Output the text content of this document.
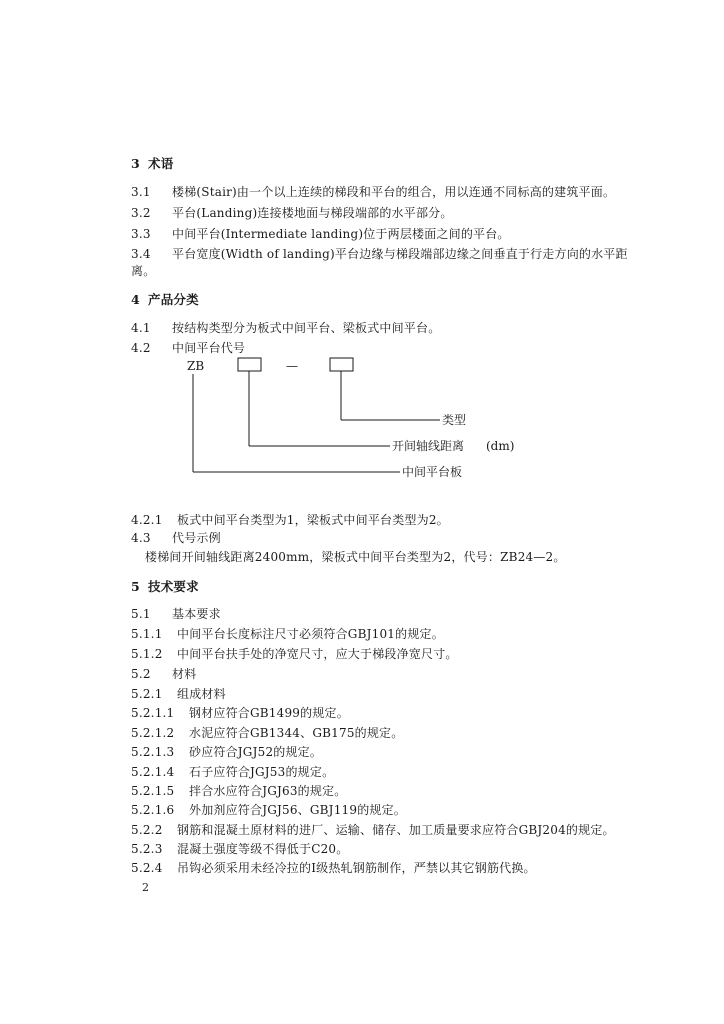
3 术语
3.1 楼梯(Stair)由一个以上连续的梯段和平台的组合，用以连通不同标高的建筑平面。
3.2 平台(Landing)连接楼地面与梯段端部的水平部分。
3.3 中间平台(Intermediate landing)位于两层楼面之间的平台。
3.4 平台宽度(Width of landing)平台边缘与梯段端部边缘之间垂直于行走方向的水平距
离。
4 产品分类
4.1 按结构类型分为板式中间平台、梁板式中间平台。
4.2 中间平台代号
ZB	—
类型
开间轴线距离 (dm)
中间平台板
4.2.1 板式中间平台类型为1，梁板式中间平台类型为2。
4.3 代号示例
楼梯间开间轴线距离2400mm，梁板式中间平台类型为2，代号：ZB24—2。
5 技术要求
5.1 基本要求
5.1.1 中间平台长度标注尺寸必须符合GBJ101的规定。
5.1.2 中间平台扶手处的净宽尺寸，应大于梯段净宽尺寸。
5.2 材料
5.2.1 组成材料
5.2.1.1 钢材应符合GB1499的规定。
5.2.1.2 水泥应符合GB1344、GB175的规定。
5.2.1.3 砂应符合JGJ52的规定。
5.2.1.4 石子应符合JGJ53的规定。
5.2.1.5 拌合水应符合JGJ63的规定。
5.2.1.6 外加剂应符合JGJ56、GBJ119的规定。
5.2.2 钢筋和混凝土原材料的进厂、运输、储存、加工质量要求应符合GBJ204的规定。
5.2.3 混凝土强度等级不得低于C20。
5.2.4 吊钩必须采用未经冷拉的Ⅰ级热轧钢筋制作，严禁以其它钢筋代换。
2
